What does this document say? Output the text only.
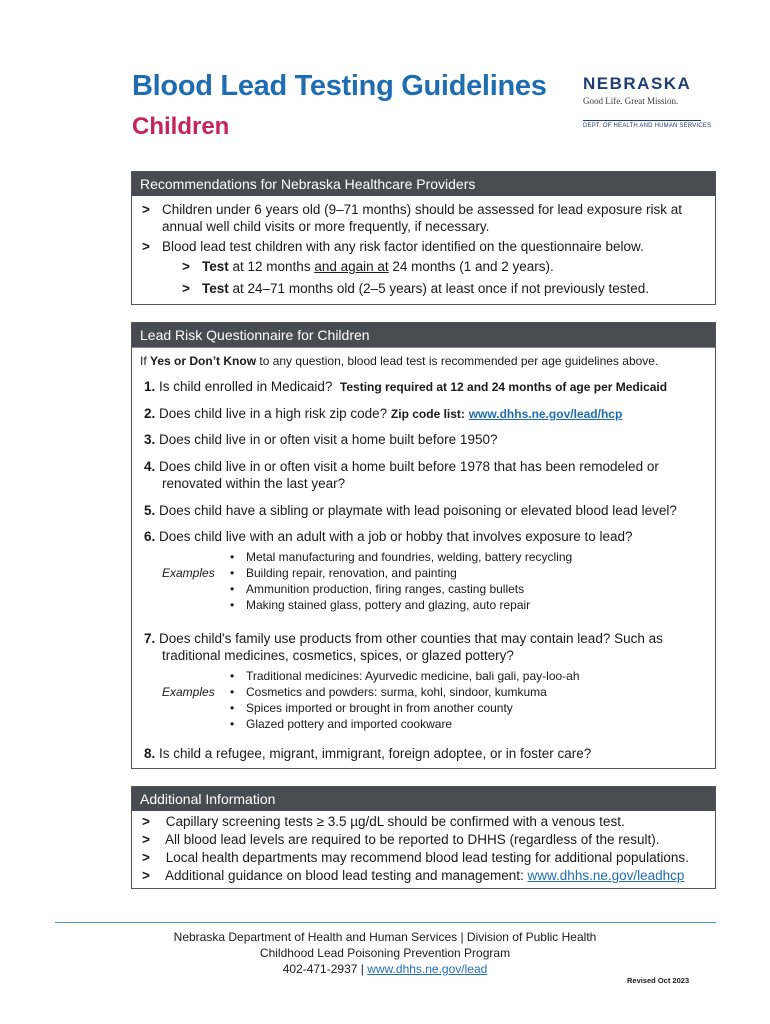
Blood Lead Testing Guidelines
Children
NEBRASKA
Good Life. Great Mission.
DEPT. OF HEALTH AND HUMAN SERVICES
Recommendations for Nebraska Healthcare Providers
> Children under 6 years old (9–71 months) should be assessed for lead exposure risk at
annual well child visits or more frequently, if necessary.
> Blood lead test children with any risk factor identified on the questionnaire below.
> Test at 12 months and again at 24 months (1 and 2 years).
> Test at 24–71 months old (2–5 years) at least once if not previously tested.
Lead Risk Questionnaire for Children
If Yes or Don’t Know to any question, blood lead test is recommended per age guidelines above.
1. Is child enrolled in Medicaid? Testing required at 12 and 24 months of age per Medicaid
2. Does child live in a high risk zip code? Zip code list: www.dhhs.ne.gov/lead/hcp
3. Does child live in or often visit a home built before 1950?
4. Does child live in or often visit a home built before 1978 that has been remodeled or
renovated within the last year?
5. Does child have a sibling or playmate with lead poisoning or elevated blood lead level?
6. Does child live with an adult with a job or hobby that involves exposure to lead?
Examples
• Metal manufacturing and foundries, welding, battery recycling
• Building repair, renovation, and painting
• Ammunition production, firing ranges, casting bullets
• Making stained glass, pottery and glazing, auto repair
7. Does child's family use products from other counties that may contain lead? Such as
traditional medicines, cosmetics, spices, or glazed pottery?
Examples
• Traditional medicines: Ayurvedic medicine, bali gali, pay-loo-ah
• Cosmetics and powders: surma, kohl, sindoor, kumkuma
• Spices imported or brought in from another county
• Glazed pottery and imported cookware
8. Is child a refugee, migrant, immigrant, foreign adoptee, or in foster care?
Additional Information
> Capillary screening tests ≥ 3.5 µg/dL should be confirmed with a venous test.
> All blood lead levels are required to be reported to DHHS (regardless of the result).
> Local health departments may recommend blood lead testing for additional populations.
> Additional guidance on blood lead testing and management: www.dhhs.ne.gov/leadhcp
Nebraska Department of Health and Human Services | Division of Public Health
Childhood Lead Poisoning Prevention Program
402-471-2937 | www.dhhs.ne.gov/lead
Revised Oct 2023
